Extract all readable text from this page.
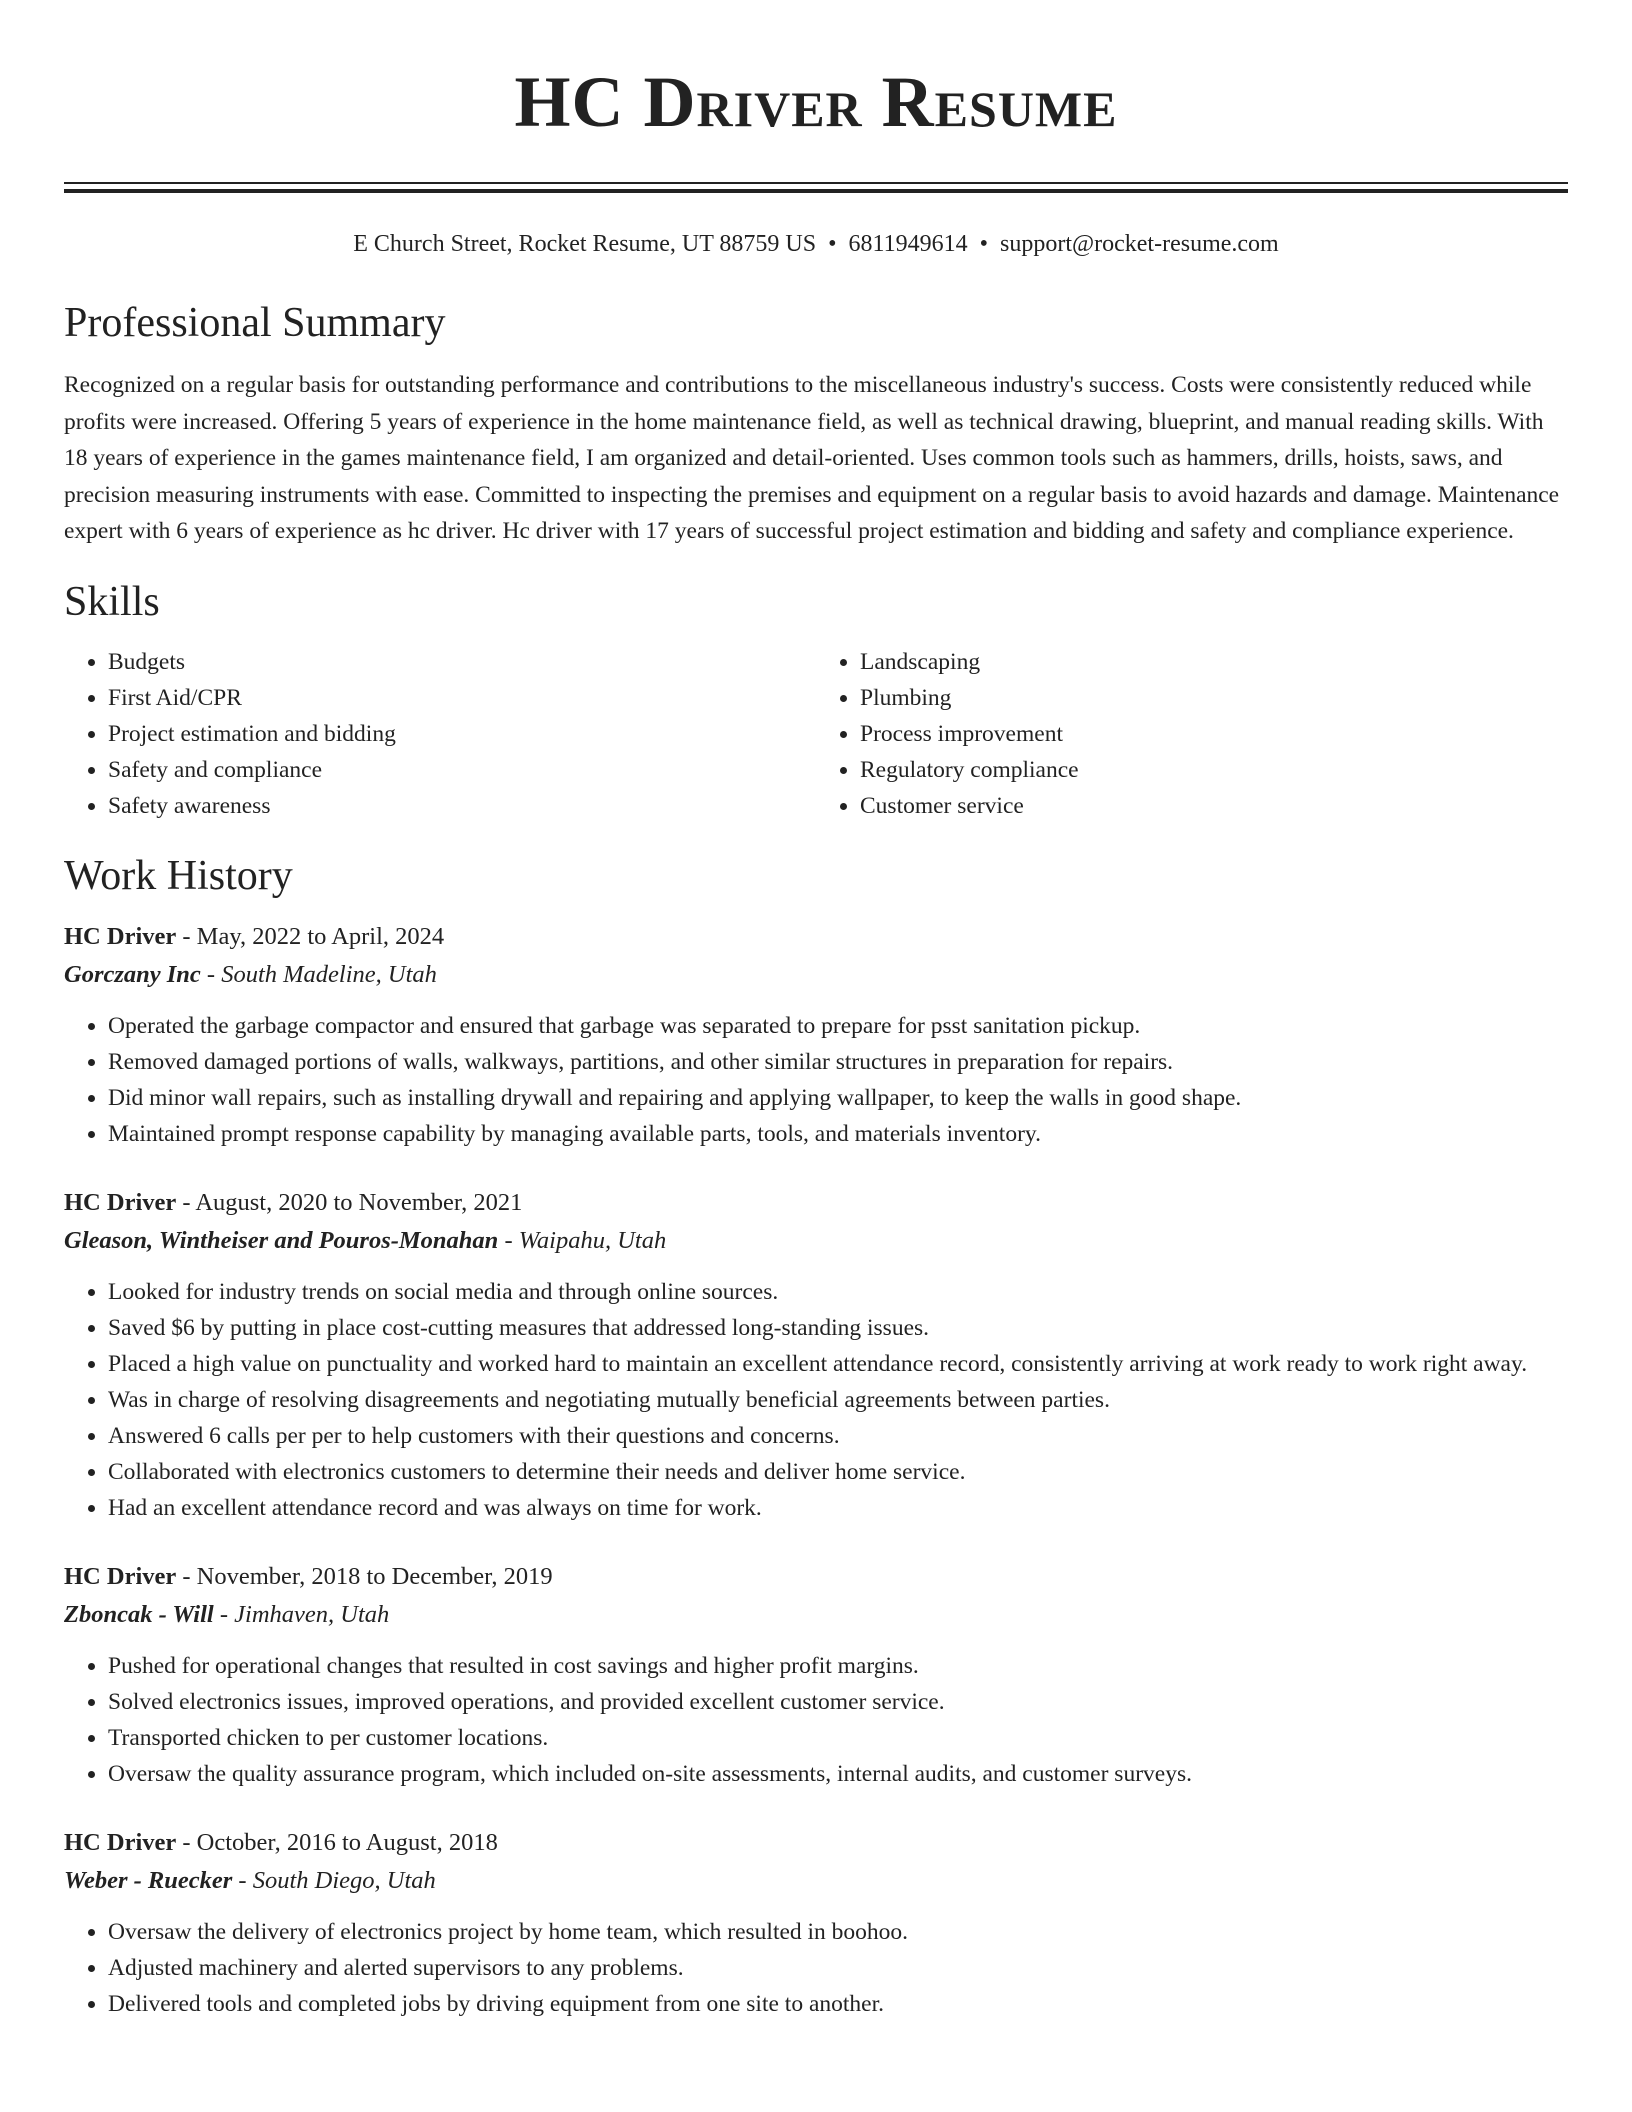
HC Driver Resume
E Church Street, Rocket Resume, UT 88759 US • 6811949614 • support@rocket-resume.com
Professional Summary
Recognized on a regular basis for outstanding performance and contributions to the miscellaneous industry's success. Costs were consistently reduced while profits were increased. Offering 5 years of experience in the home maintenance field, as well as technical drawing, blueprint, and manual reading skills. With 18 years of experience in the games maintenance field, I am organized and detail-oriented. Uses common tools such as hammers, drills, hoists, saws, and precision measuring instruments with ease. Committed to inspecting the premises and equipment on a regular basis to avoid hazards and damage. Maintenance expert with 6 years of experience as hc driver. Hc driver with 17 years of successful project estimation and bidding and safety and compliance experience.
Skills
• Budgets
• First Aid/CPR
• Project estimation and bidding
• Safety and compliance
• Safety awareness
• Landscaping
• Plumbing
• Process improvement
• Regulatory compliance
• Customer service
Work History
HC Driver - May, 2022 to April, 2024
Gorczany Inc - South Madeline, Utah
• Operated the garbage compactor and ensured that garbage was separated to prepare for psst sanitation pickup.
• Removed damaged portions of walls, walkways, partitions, and other similar structures in preparation for repairs.
• Did minor wall repairs, such as installing drywall and repairing and applying wallpaper, to keep the walls in good shape.
• Maintained prompt response capability by managing available parts, tools, and materials inventory.
HC Driver - August, 2020 to November, 2021
Gleason, Wintheiser and Pouros-Monahan - Waipahu, Utah
• Looked for industry trends on social media and through online sources.
• Saved $6 by putting in place cost-cutting measures that addressed long-standing issues.
• Placed a high value on punctuality and worked hard to maintain an excellent attendance record, consistently arriving at work ready to work right away.
• Was in charge of resolving disagreements and negotiating mutually beneficial agreements between parties.
• Answered 6 calls per per to help customers with their questions and concerns.
• Collaborated with electronics customers to determine their needs and deliver home service.
• Had an excellent attendance record and was always on time for work.
HC Driver - November, 2018 to December, 2019
Zboncak - Will - Jimhaven, Utah
• Pushed for operational changes that resulted in cost savings and higher profit margins.
• Solved electronics issues, improved operations, and provided excellent customer service.
• Transported chicken to per customer locations.
• Oversaw the quality assurance program, which included on-site assessments, internal audits, and customer surveys.
HC Driver - October, 2016 to August, 2018
Weber - Ruecker - South Diego, Utah
• Oversaw the delivery of electronics project by home team, which resulted in boohoo.
• Adjusted machinery and alerted supervisors to any problems.
• Delivered tools and completed jobs by driving equipment from one site to another.
